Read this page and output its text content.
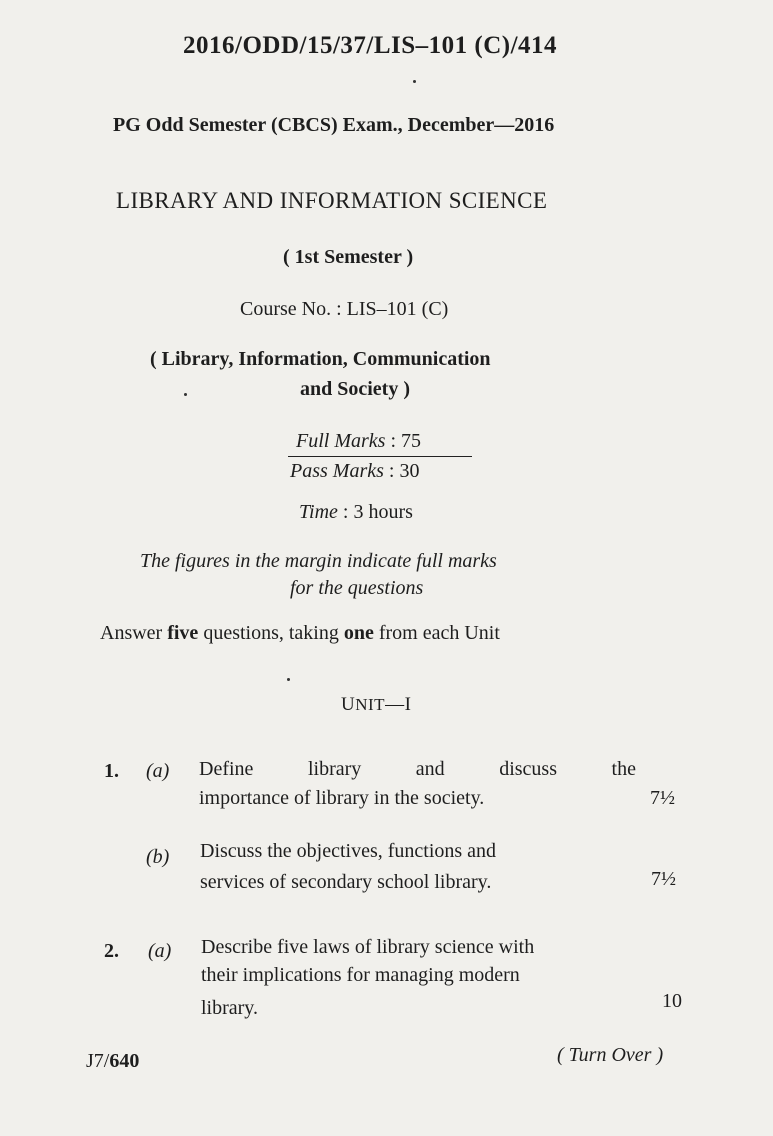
2016/ODD/15/37/LIS–101 (C)/414
PG Odd Semester (CBCS) Exam., December—2016
LIBRARY AND INFORMATION SCIENCE
( 1st Semester )
Course No. : LIS–101 (C)
( Library, Information, Communication
and Society )
Full Marks : 75
Pass Marks : 30
Time : 3 hours
The figures in the margin indicate full marks
for the questions
Answer five questions, taking one from each Unit
UNIT—I
1. (a) Define	library	and	discuss	the
importance of library in the society.	7½
(b) Discuss the objectives, functions and
services of secondary school library.	7½
2. (a) Describe five laws of library science with
their implications for managing modern
library.	10
J7/640	( Turn Over )
